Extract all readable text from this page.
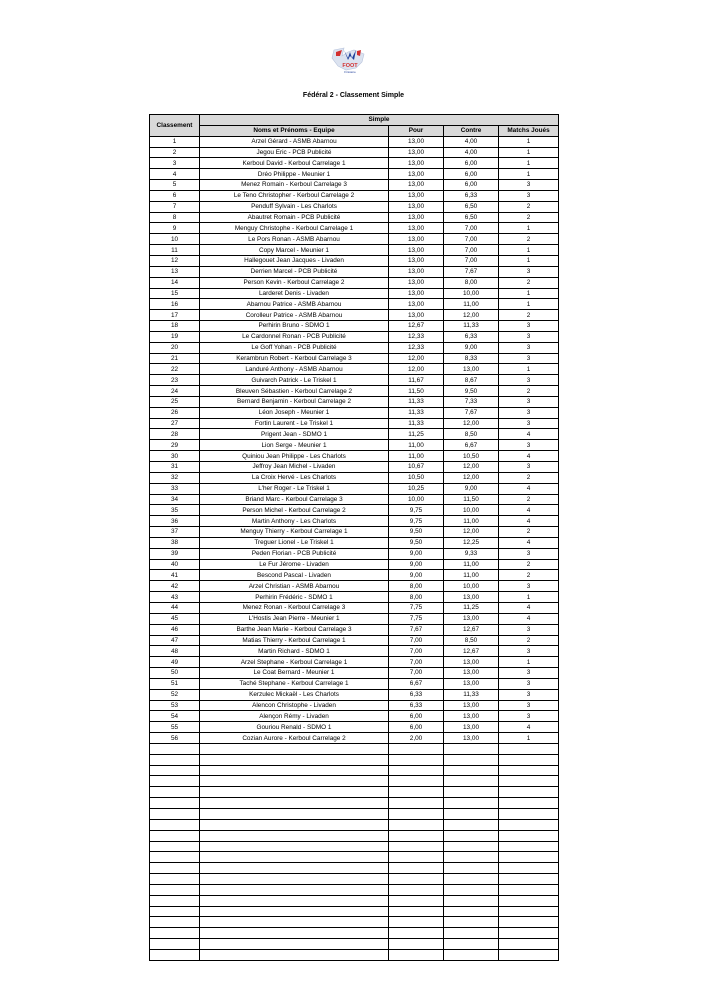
FOOT
Finistère
Fédéral 2 - Classement Simple
Classement	Simple			
	Noms et Prénoms - Equipe	Pour	Contre	Matchs Joués
1	Arzel Gérard - ASMB Abarnou	13,00	4,00	1
2	Jegou Eric - PCB Publicité	13,00	4,00	1
3	Kerboul David - Kerboul Carrelage 1	13,00	6,00	1
4	Dréo Philippe - Meunier 1	13,00	6,00	1
5	Menez Romain - Kerboul Carrelage 3	13,00	6,00	3
6	Le Teno Christopher - Kerboul Carrelage 2	13,00	6,33	3
7	Penduff Sylvain - Les Charlots	13,00	6,50	2
8	Abautret Romain - PCB Publicité	13,00	6,50	2
9	Menguy Christophe - Kerboul Carrelage 1	13,00	7,00	1
10	Le Pors Ronan - ASMB Abarnou	13,00	7,00	2
11	Copy Marcel - Meunier 1	13,00	7,00	1
12	Hallegouet Jean Jacques - Livaden	13,00	7,00	1
13	Derrien Marcel - PCB Publicité	13,00	7,67	3
14	Person Kevin - Kerboul Carrelage 2	13,00	8,00	2
15	Larderet Denis - Livaden	13,00	10,00	1
16	Abarnou Patrice - ASMB Abarnou	13,00	11,00	1
17	Corolleur Patrice - ASMB Abarnou	13,00	12,00	2
18	Perhirin Bruno - SDMO 1	12,67	11,33	3
19	Le Cardonnel Ronan - PCB Publicité	12,33	6,33	3
20	Le Goff Yohan - PCB Publicité	12,33	9,00	3
21	Kerambrun Robert - Kerboul Carrelage 3	12,00	8,33	3
22	Landuré Anthony - ASMB Abarnou	12,00	13,00	1
23	Guivarch Patrick - Le Triskel 1	11,67	8,67	3
24	Bleuven Sébastien - Kerboul Carrelage 2	11,50	9,50	2
25	Bernard Benjamin - Kerboul Carrelage 2	11,33	7,33	3
26	Léon Joseph - Meunier 1	11,33	7,67	3
27	Fortin Laurent - Le Triskel 1	11,33	12,00	3
28	Prigent Jean - SDMO 1	11,25	8,50	4
29	Lion Serge - Meunier 1	11,00	6,67	3
30	Quiniou Jean Philippe - Les Charlots	11,00	10,50	4
31	Jeffroy Jean Michel - Livaden	10,67	12,00	3
32	La Croix Hervé - Les Charlots	10,50	12,00	2
33	L'her Roger - Le Triskel 1	10,25	9,00	4
34	Briand Marc - Kerboul Carrelage 3	10,00	11,50	2
35	Person Michel - Kerboul Carrelage 2	9,75	10,00	4
36	Martin Anthony - Les Charlots	9,75	11,00	4
37	Menguy Thierry - Kerboul Carrelage 1	9,50	12,00	2
38	Treguer Lionel - Le Triskel 1	9,50	12,25	4
39	Peden Florian - PCB Publicité	9,00	9,33	3
40	Le Fur Jérome - Livaden	9,00	11,00	2
41	Bescond Pascal - Livaden	9,00	11,00	2
42	Arzel Christian - ASMB Abarnou	8,00	10,00	3
43	Perhirin Frédéric - SDMO 1	8,00	13,00	1
44	Menez Ronan - Kerboul Carrelage 3	7,75	11,25	4
45	L'Hostis Jean Pierre - Meunier 1	7,75	13,00	4
46	Barthe Jean Marie - Kerboul Carrelage 3	7,67	12,67	3
47	Matias Thierry - Kerboul Carrelage 1	7,00	8,50	2
48	Martin Richard - SDMO 1	7,00	12,67	3
49	Arzel Stephane - Kerboul Carrelage 1	7,00	13,00	1
50	Le Coat Bernard - Meunier 1	7,00	13,00	3
51	Taché Stephane - Kerboul Carrelage 1	6,67	13,00	3
52	Kerzulec Mickaël - Les Charlots	6,33	11,33	3
53	Alencon Christophe - Livaden	6,33	13,00	3
54	Alençon Rémy - Livaden	6,00	13,00	3
55	Gouriou Renald - SDMO 1	6,00	13,00	4
56	Cozian Aurore - Kerboul Carrelage 2	2,00	13,00	1
